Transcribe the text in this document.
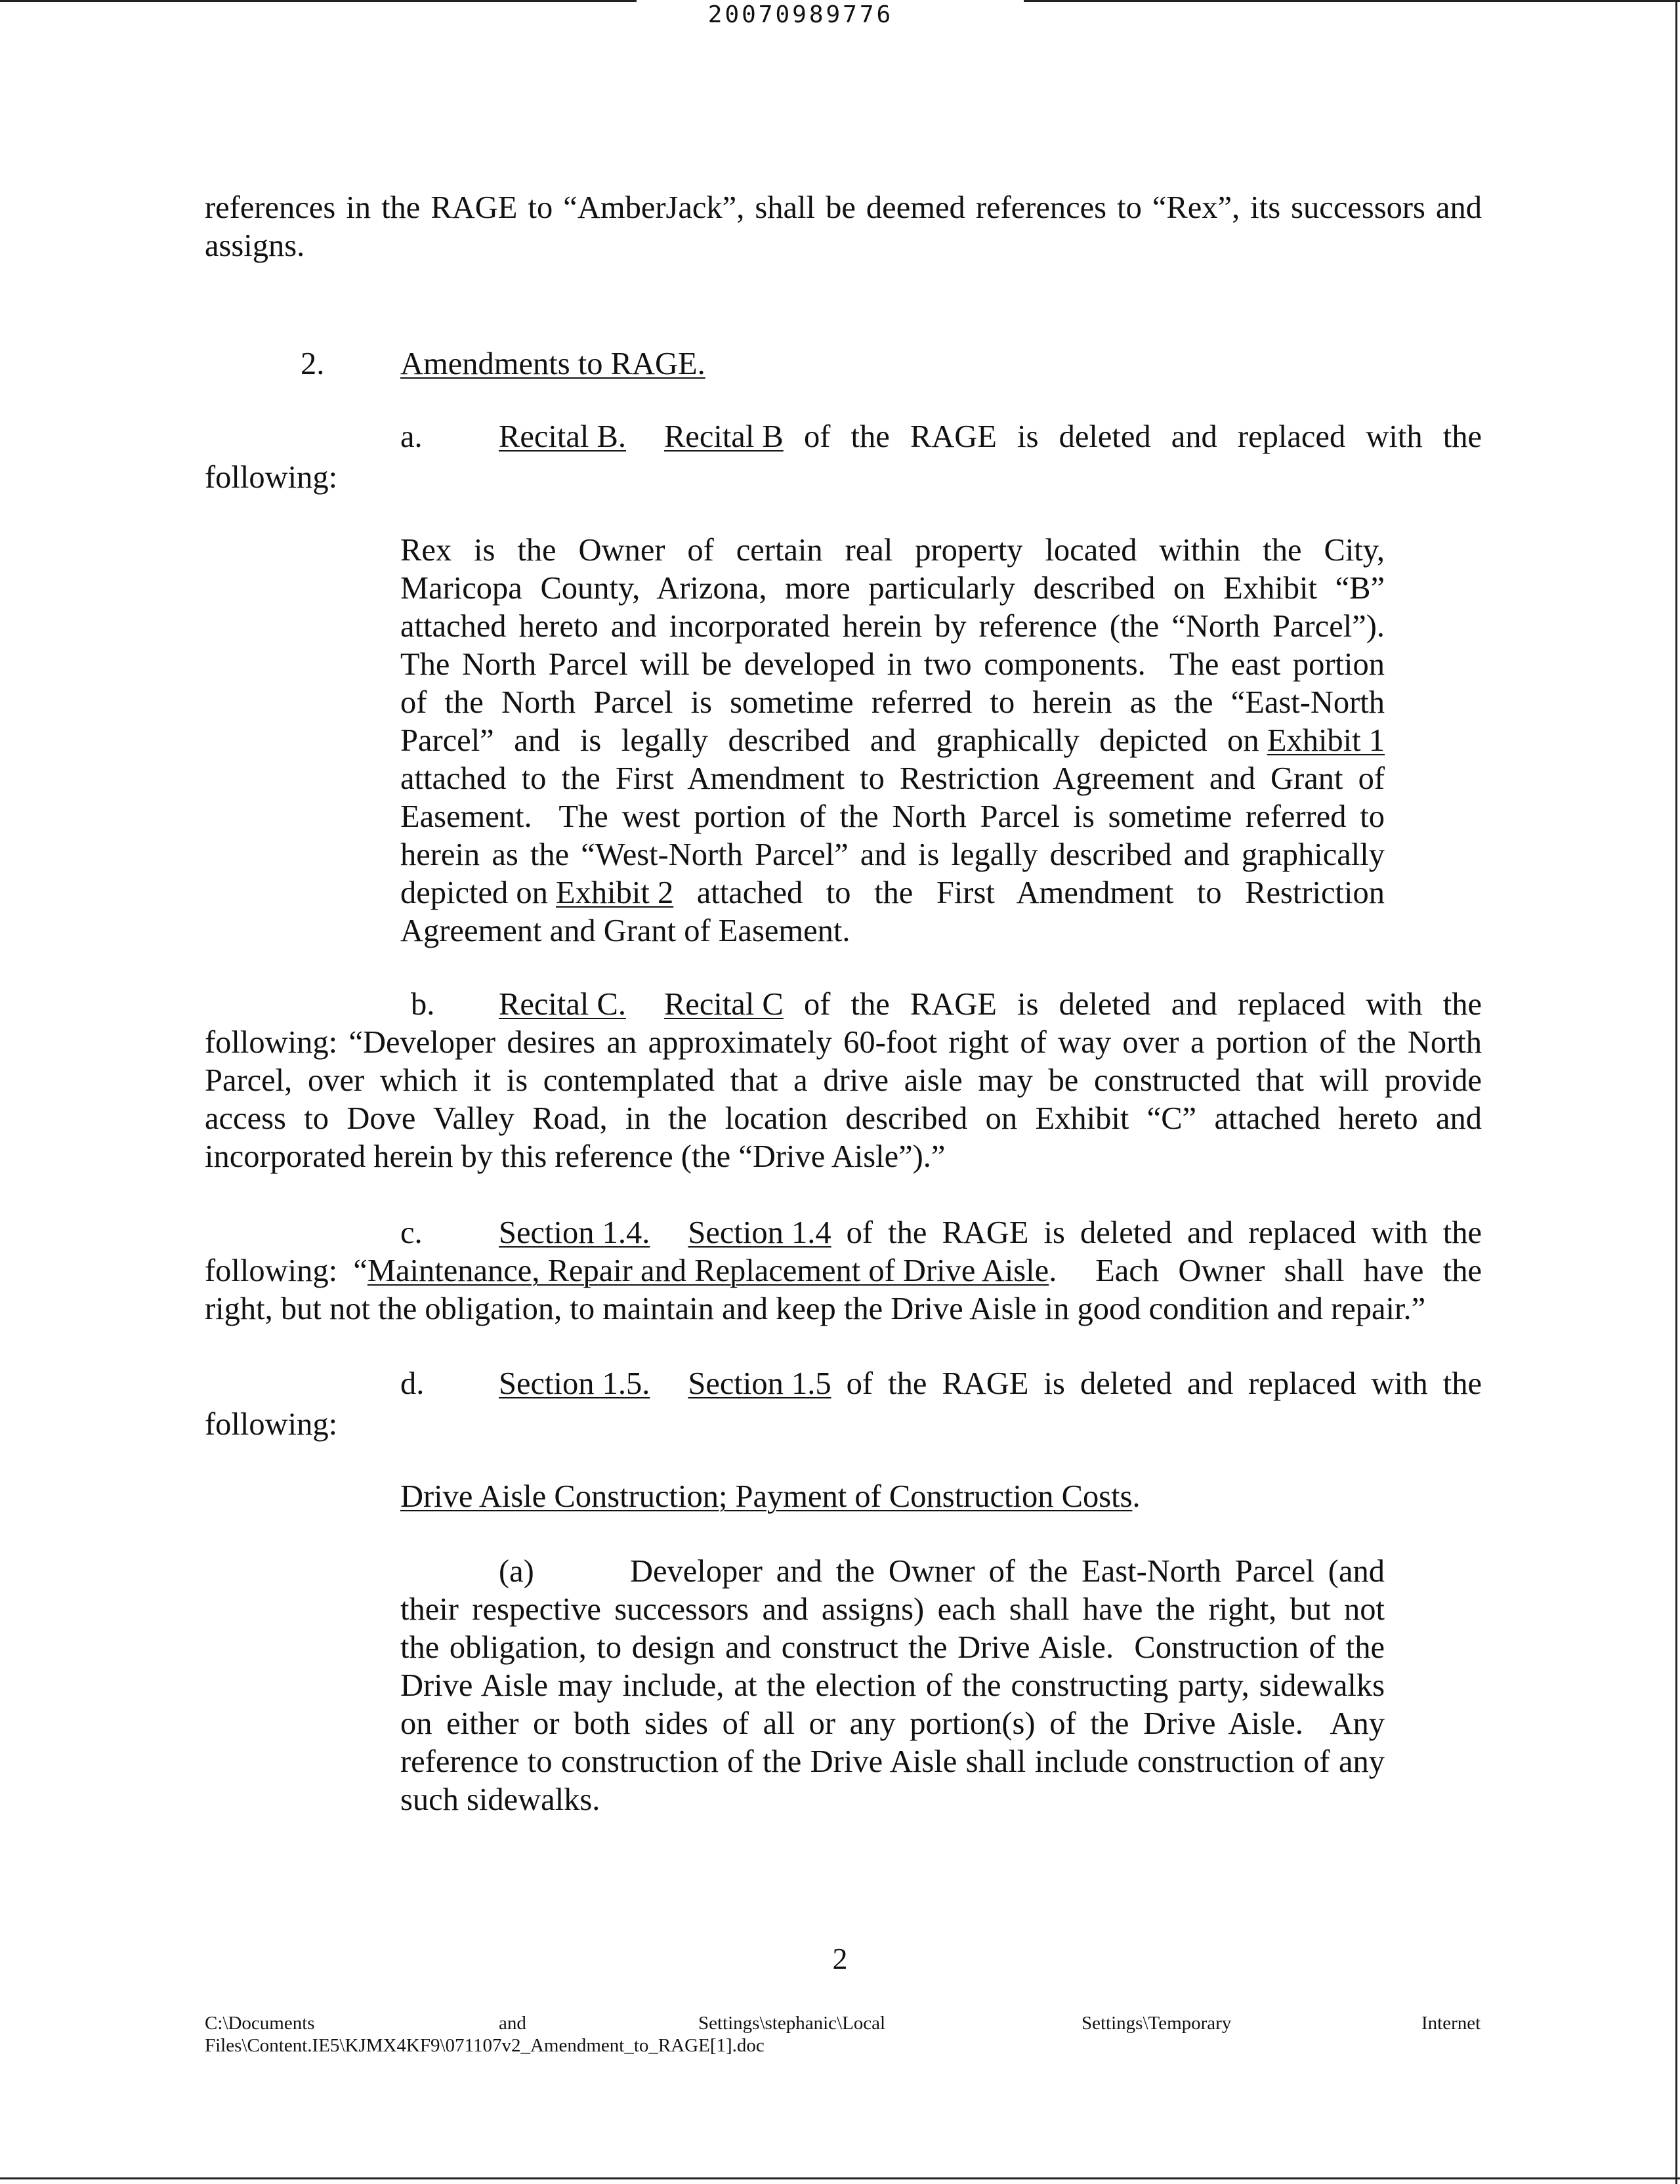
20070989776

references in the RAGE to “AmberJack”, shall be deemed references to “Rex”, its successors and

assigns.

2. Amendments to RAGE.

a. Recital B. Recital B of the RAGE is deleted and replaced with the

following:

Rex is the Owner of certain real property located within the City,

Maricopa County, Arizona, more particularly described on Exhibit “B”

attached hereto and incorporated herein by reference (the “North Parcel”).

The North Parcel will be developed in two components.  The east portion

of the North Parcel is sometime referred to herein as the “East-North

Parcel” and is legally described and graphically depicted on Exhibit 1

attached to the First Amendment to Restriction Agreement and Grant of

Easement.  The west portion of the North Parcel is sometime referred to

herein as the “West-North Parcel” and is legally described and graphically

depicted on Exhibit 2 attached to the First Amendment to Restriction

Agreement and Grant of Easement.

b. Recital C. Recital C of the RAGE is deleted and replaced with the

following: “Developer desires an approximately 60-foot right of way over a portion of the North

Parcel, over which it is contemplated that a drive aisle may be constructed that will provide

access to Dove Valley Road, in the location described on Exhibit “C” attached hereto and

incorporated herein by this reference (the “Drive Aisle”).”

c. Section 1.4. Section 1.4 of the RAGE is deleted and replaced with the

following:  “ Maintenance, Repair and Replacement of Drive Aisle .  Each Owner shall have the

right, but not the obligation, to maintain and keep the Drive Aisle in good condition and repair.”

d. Section 1.5. Section 1.5 of the RAGE is deleted and replaced with the

following:

Drive Aisle Construction; Payment of Construction Costs.

(a)       Developer and the Owner of the East-North Parcel (and

their respective successors and assigns) each shall have the right, but not

the obligation, to design and construct the Drive Aisle.  Construction of the

Drive Aisle may include, at the election of the constructing party, sidewalks

on either or both sides of all or any portion(s) of the Drive Aisle.  Any

reference to construction of the Drive Aisle shall include construction of any

such sidewalks.

2
C:\Documents	and	Settings\stephanic\Local	Settings\Temporary	Internet
Files\Content.IE5\KJMX4KF9\071107v2_Amendment_to_RAGE[1].doc
